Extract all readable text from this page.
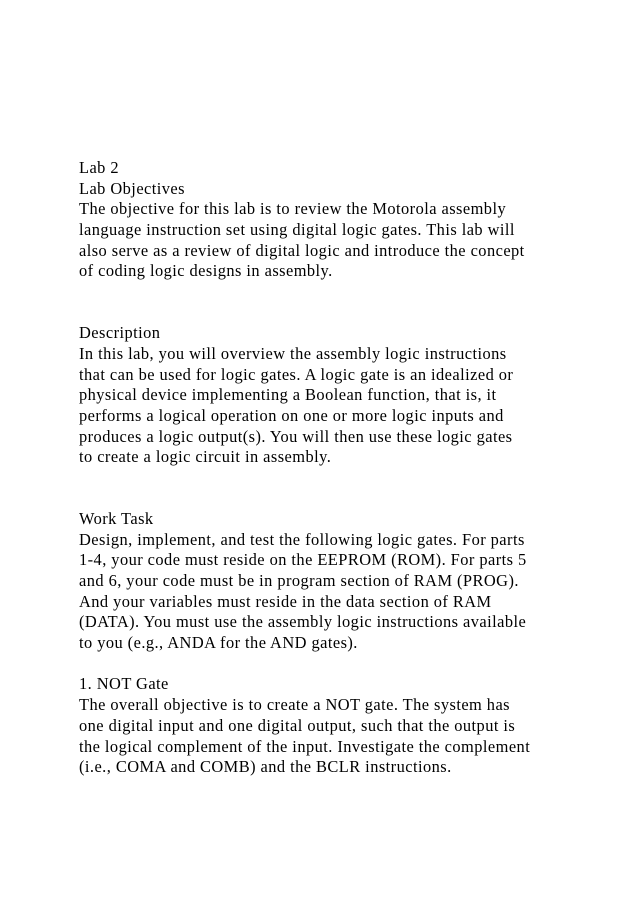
Lab 2
Lab Objectives
The objective for this lab is to review the Motorola assembly
language instruction set using digital logic gates. This lab will
also serve as a review of digital logic and introduce the concept
of coding logic designs in assembly.
Description
In this lab, you will overview the assembly logic instructions
that can be used for logic gates. A logic gate is an idealized or
physical device implementing a Boolean function, that is, it
performs a logical operation on one or more logic inputs and
produces a logic output(s). You will then use these logic gates
to create a logic circuit in assembly.
Work Task
Design, implement, and test the following logic gates. For parts
1-4, your code must reside on the EEPROM (ROM). For parts 5
and 6, your code must be in program section of RAM (PROG).
And your variables must reside in the data section of RAM
(DATA). You must use the assembly logic instructions available
to you (e.g., ANDA for the AND gates).
1. NOT Gate
The overall objective is to create a NOT gate. The system has
one digital input and one digital output, such that the output is
the logical complement of the input. Investigate the complement
(i.e., COMA and COMB) and the BCLR instructions.
